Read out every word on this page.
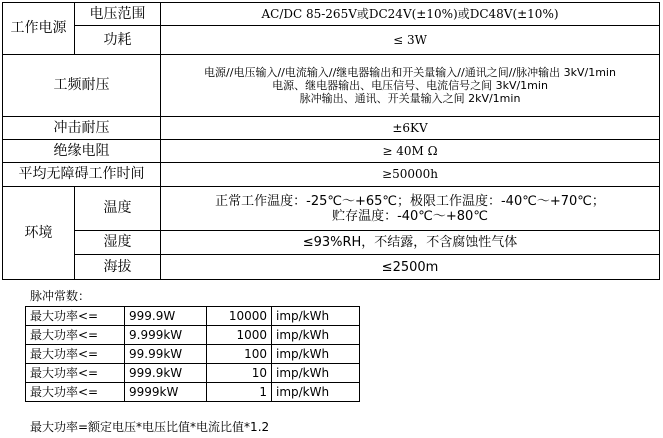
工作电源	电压范围	AC/DC 85-265V或DC24V(±10%)或DC48V(±10%)
	功耗	≤ 3W
工频耐压		电源//电压输入//电流输入//继电器输出和开关量输入//通讯之间//脉冲输出 3kV/1min
电源、继电器输出、电压信号、电流信号之间 3kV/1min
脉冲输出、通讯、开关量输入之间 2kV/1min

冲击耐压		±6KV
绝缘电阻		≥ 40M Ω
平均无障碍工作时间		≥50000h
环境	温度	正常工作温度：-25℃～+65℃；极限工作温度：-40℃～+70℃；
贮存温度：-40℃～+80℃

	湿度	≤93%RH，不结露，不含腐蚀性气体
	海拔	≤2500m
脉冲常数：
最大功率<=	999.9W	10000	imp/kWh
最大功率<=	9.999kW	1000	imp/kWh
最大功率<=	99.99kW	100	imp/kWh
最大功率<=	999.9kW	10	imp/kWh
最大功率<=	9999kW	1	imp/kWh
最大功率=额定电压*电压比值*电流比值*1.2
